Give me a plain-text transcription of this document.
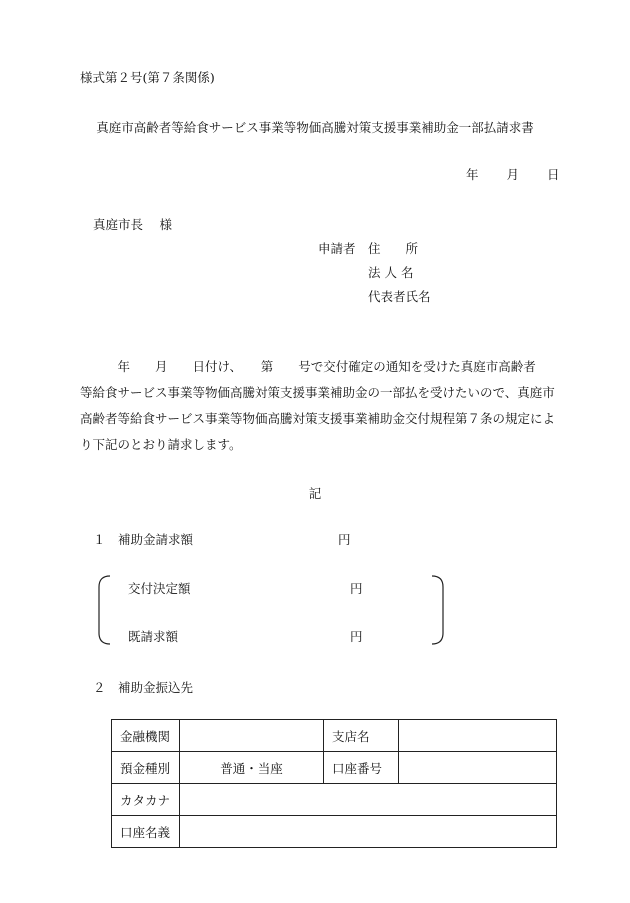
様式第２号(第７条関係)
真庭市高齢者等給食サービス事業等物価高騰対策支援事業補助金一部払請求書
年 月 日
真庭市長　 様
申請者 住　　所
法 人 名
代表者氏名
　　　年　　月　　日付け、　　第　　号で交付確定の通知を受けた真庭市高齢者
等給食サービス事業等物価高騰対策支援事業補助金の一部払を受けたいので、真庭市
高齢者等給食サービス事業等物価高騰対策支援事業補助金交付規程第７条の規定によ
り下記のとおり請求します。
記
１　補助金請求額	円
交付決定額	円
既請求額	円
２　補助金振込先
金融機関		支店名	
預金種別	普通・当座	口座番号	
カタカナ			
口座名義			
